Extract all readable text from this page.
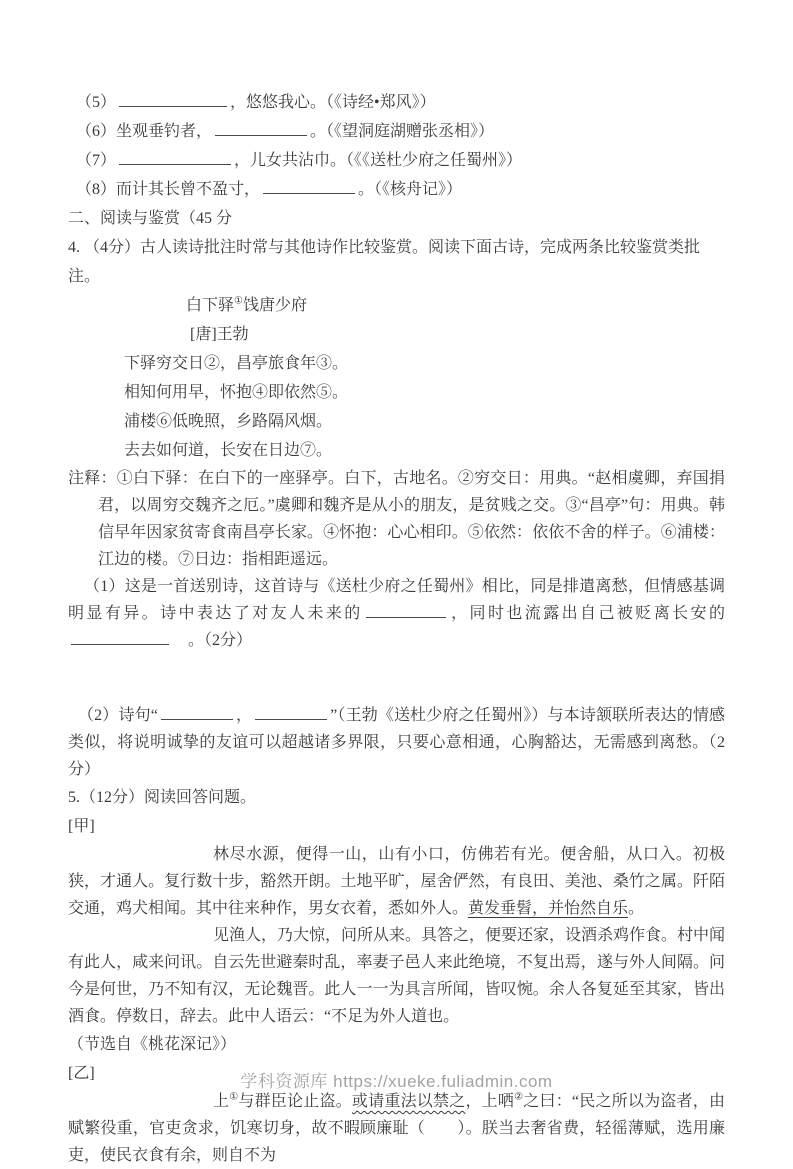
（5）	，悠悠我心。（《诗经•郑风》）

（6）坐观垂钓者，	。（《望洞庭湖赠张丞相》）

（7）	，儿女共沾巾。（《《送杜少府之任蜀州》）

（8）而计其长曾不盈寸，	。（《核舟记》）

二、阅读与鉴赏（45 分

4. （4分）古人读诗批注时常与其他诗作比较鉴赏。阅读下面古诗，完成两条比较鉴赏类批注。

白下驿①饯唐少府

[唐]王勃

下驿穷交日②，昌亭旅食年③。

相知何用早，怀抱④即依然⑤。

浦楼⑥低晚照，乡路隔风烟。

去去如何道，长安在日边⑦。

注释：①白下驿：在白下的一座驿亭。白下，古地名。②穷交日：用典。“赵相虞卿，弃国捐君，以周穷交魏齐之厄。”虞卿和魏齐是从小的朋友，是贫贱之交。③“昌亭”句：用典。韩信早年因家贫寄食南昌亭长家。④怀抱：心心相印。⑤依然：依依不舍的样子。⑥浦楼：江边的楼。⑦日边：指相距遥远。

（1）这是一首送别诗，这首诗与《送杜少府之任蜀州》相比，同是排遣离愁，但情感基调明显有异。诗中表达了对友人未来的	，同时也流露出自己被贬离长安的　。（2分）

（2）诗句“	，	”（王勃《送杜少府之任蜀州》）与本诗颔联所表达的情感类似，将说明诚挚的友谊可以超越诸多界限，只要心意相通，心胸豁达，无需感到离愁。（2分）

5.（12分）阅读回答问题。

[甲]

林尽水源，便得一山，山有小口，仿佛若有光。便舍船，从口入。初极狭，才通人。复行数十步，豁然开朗。土地平旷，屋舍俨然，有良田、美池、桑竹之属。阡陌交通，鸡犬相闻。其中往来种作，男女衣着，悉如外人。黄发垂髫，并怡然自乐。

见渔人，乃大惊，问所从来。具答之，便要还家，设酒杀鸡作食。村中闻有此人，咸来问讯。自云先世避秦时乱，率妻子邑人来此绝境，不复出焉，遂与外人间隔。问今是何世，乃不知有汉，无论魏晋。此人一一为具言所闻，皆叹惋。余人各复延至其家，皆出酒食。停数日，辞去。此中人语云：“不足为外人道也。

（节选自《桃花深记》）

[乙]

上①与群臣论止盗。或请重法以禁之，上哂②之曰：“民之所以为盗者，由赋繁役重，官吏贪求，饥寒切身，故不暇顾廉耻（　　）。朕当去奢省费，轻徭薄赋，选用廉吏，使民衣食有余，则自不为

学科资源库 https://xueke.fuliadmin.com
